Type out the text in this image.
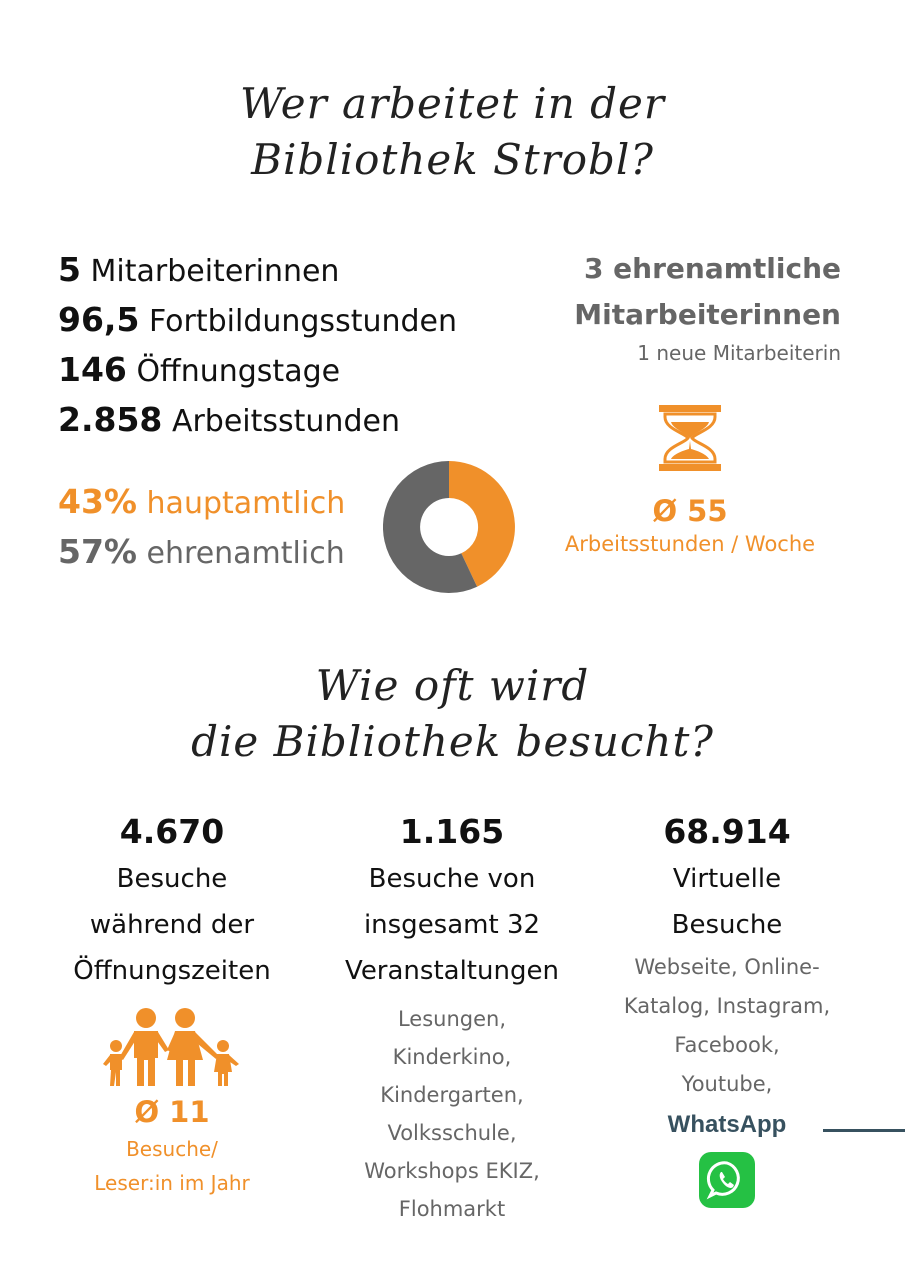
Wer arbeitet in der
Bibliothek Strobl?
5 Mitarbeiterinnen
96,5 Fortbildungsstunden
146 Öffnungstage
2.858 Arbeitsstunden
3 ehrenamtliche
Mitarbeiterinnen
1 neue Mitarbeiterin
43% hauptamtlich
57% ehrenamtlich
Ø 55
Arbeitsstunden / Woche
Wie oft wird
die Bibliothek besucht?
4.670
Besuche
während der
Öffnungszeiten
Ø 11
Besuche/
Leser:in im Jahr
1.165
Besuche von
insgesamt 32
Veranstaltungen
Lesungen,
Kinderkino,
Kindergarten,
Volksschule,
Workshops EKIZ,
Flohmarkt
68.914
Virtuelle
Besuche
Webseite, Online-
Katalog, Instagram,
Facebook,
Youtube,
WhatsApp
